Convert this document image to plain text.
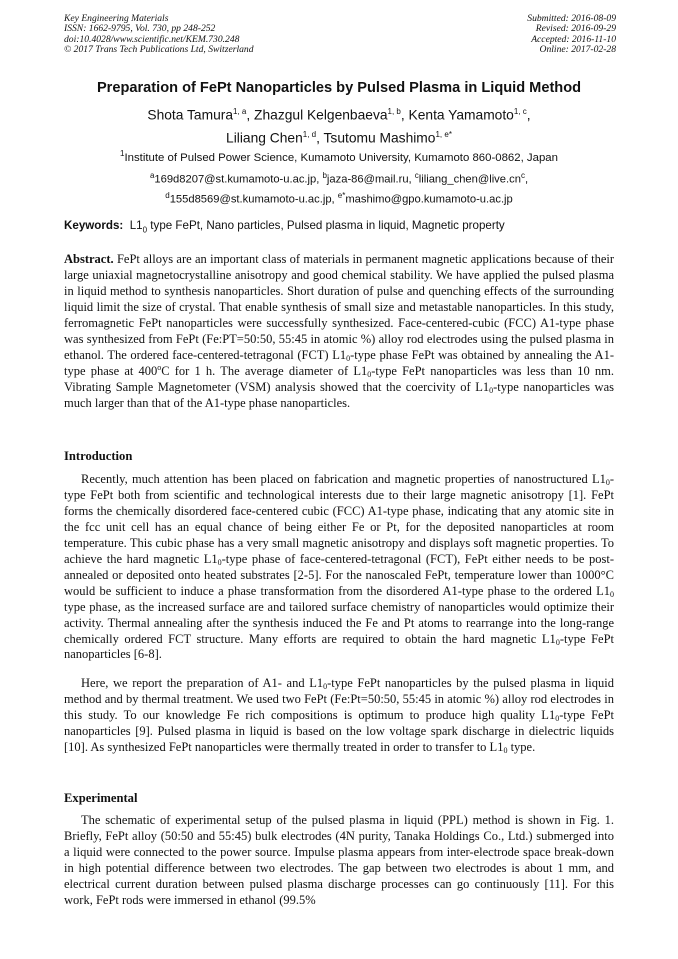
Key Engineering Materials
ISSN: 1662-9795, Vol. 730, pp 248-252
doi:10.4028/www.scientific.net/KEM.730.248
© 2017 Trans Tech Publications Ltd, Switzerland
Submitted: 2016-08-09
Revised: 2016-09-29
Accepted: 2016-11-10
Online: 2017-02-28
Preparation of FePt Nanoparticles by Pulsed Plasma in Liquid Method
Shota Tamura$^{1, a}$, Zhazgul Kelgenbaeva$^{1, b}$, Kenta Yamamoto$^{1, c}$,
Liliang Chen$^{1, d}$, Tsutomu Mashimo$^{1, e*}$
$^1$Institute of Pulsed Power Science, Kumamoto University, Kumamoto 860-0862, Japan
$^a$169d8207@st.kumamoto-u.ac.jp, $^b$jaza-86@mail.ru, $^cliliang\_chen@live.cn^c$,
$^d$155d8569@st.kumamoto-u.ac.jp, $^{e*}$mashimo@gpo.kumamoto-u.ac.jp
Keywords:  $L1_0$ type FePt, Nano particles, Pulsed plasma in liquid, Magnetic property

Abstract. FePt alloys are an important class of materials in permanent magnetic applications because of their large uniaxial magnetocrystalline anisotropy and good chemical stability. We have applied the pulsed plasma in liquid method to synthesis nanoparticles. Short duration of pulse and quenching effects of the surrounding liquid limit the size of crystal. That enable synthesis of small size and metastable nanoparticles. In this study, ferromagnetic FePt nanoparticles were successfully synthesized. Face-centered-cubic (FCC) A1-type phase was synthesized from FePt (Fe:PT=50:50, 55:45 in atomic %) alloy rod electrodes using the pulsed plasma in ethanol. The ordered face-centered-tetragonal (FCT) $L1_0$-type phase FePt was obtained by annealing the A1-type phase at 400$^o$C for 1 h. The average diameter of $L1_0$-type FePt nanoparticles was less than 10 nm. Vibrating Sample Magnetometer (VSM) analysis showed that the coercivity of $L1_0$-type nanoparticles was much larger than that of the A1-type phase nanoparticles.

Introduction

Recently, much attention has been placed on fabrication and magnetic properties of nanostructured $L1_0$-type FePt both from scientific and technological interests due to their large magnetic anisotropy [1]. FePt forms the chemically disordered face-centered cubic (FCC) A1-type phase, indicating that any atomic site in the fcc unit cell has an equal chance of being either Fe or Pt, for the deposited nanoparticles at room temperature. This cubic phase has a very small magnetic anisotropy and displays soft magnetic properties. To achieve the hard magnetic $L1_0$-type phase of face-centered-tetragonal (FCT), FePt either needs to be post-annealed or deposited onto heated substrates [2-5]. For the nanoscaled FePt, temperature lower than 1000°C would be sufficient to induce a phase transformation from the disordered A1-type phase to the ordered $L1_0$ type phase, as the increased surface are and tailored surface chemistry of nanoparticles would optimize their activity. Thermal annealing after the synthesis induced the Fe and Pt atoms to rearrange into the long-range chemically ordered FCT structure. Many efforts are required to obtain the hard magnetic $L1_0$-type FePt nanoparticles [6-8].

Here, we report the preparation of A1- and $L1_0$-type FePt nanoparticles by the pulsed plasma in liquid method and by thermal treatment. We used two FePt (Fe:Pt=50:50, 55:45 in atomic %) alloy rod electrodes in this study. To our knowledge Fe rich compositions is optimum to produce high quality $L1_0$-type FePt nanoparticles [9]. Pulsed plasma in liquid is based on the low voltage spark discharge in dielectric liquids [10]. As synthesized FePt nanoparticles were thermally treated in order to transfer to $L1_0$ type.

Experimental

The schematic of experimental setup of the pulsed plasma in liquid (PPL) method is shown in Fig. 1. Briefly, FePt alloy (50:50 and 55:45) bulk electrodes (4N purity, Tanaka Holdings Co., Ltd.) submerged into a liquid were connected to the power source. Impulse plasma appears from inter-electrode space break-down in high potential difference between two electrodes. The gap between two electrodes is about 1 mm, and electrical current duration between pulsed plasma discharge processes can go continuously [11]. For this work, FePt rods were immersed in ethanol (99.5%
